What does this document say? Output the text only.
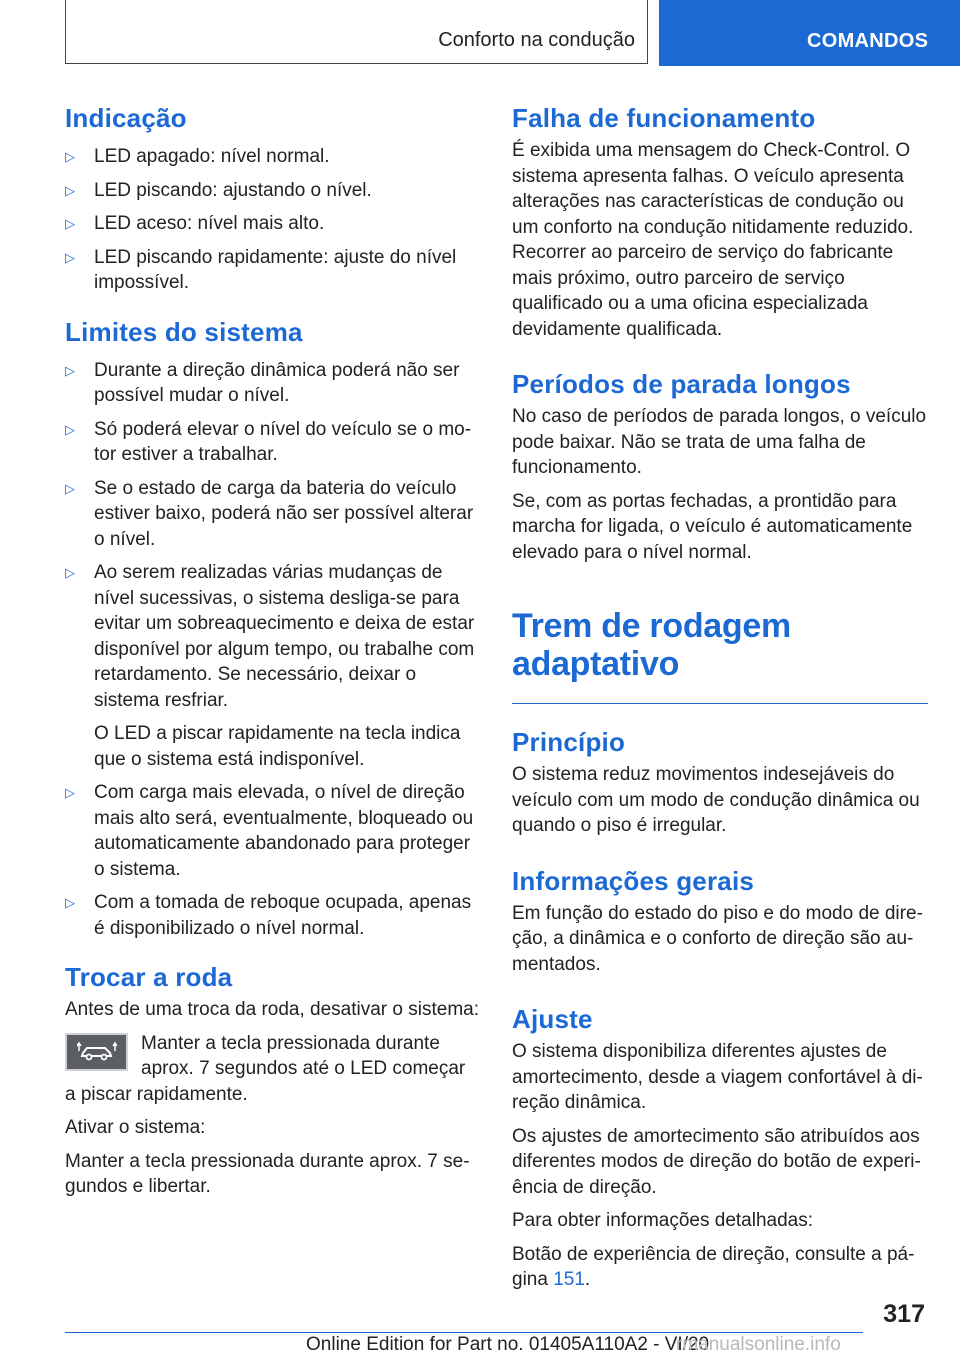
Conforto na condução	COMANDOS
Indicação
▷ LED apagado: nível normal.
▷ LED piscando: ajustando o nível.
▷ LED aceso: nível mais alto.
▷ LED piscando rapidamente: ajuste do nível impossível.
Limites do sistema
▷ Durante a direção dinâmica poderá não ser possível mudar o nível.
▷ Só poderá elevar o nível do veículo se o motor estiver a trabalhar.
▷ Se o estado de carga da bateria do veículo estiver baixo, poderá não ser possível alterar o nível.
▷ Ao serem realizadas várias mudanças de nível sucessivas, o sistema desliga-se para evitar um sobreaquecimento e deixa de estar disponível por algum tempo, ou trabalhe com retardamento. Se necessário, deixar o sistema resfriar.

O LED a piscar rapidamente na tecla indica que o sistema está indisponível.

▷ Com carga mais elevada, o nível de direção mais alto será, eventualmente, bloqueado ou automaticamente abandonado para proteger o sistema.
▷ Com a tomada de reboque ocupada, apenas é disponibilizado o nível normal.
Trocar a roda

Antes de uma troca da roda, desativar o sistema:

Manter a tecla pressionada durante aprox. 7 segundos até o LED começar a piscar rapidamente.

Ativar o sistema:

Manter a tecla pressionada durante aprox. 7 segundos e libertar.

Falha de funcionamento

É exibida uma mensagem do Check-Control. O sistema apresenta falhas. O veículo apresenta alterações nas características de condução ou um conforto na condução nitidamente reduzido. Recorrer ao parceiro de serviço do fabricante mais próximo, outro parceiro de serviço qualificado ou a uma oficina especializada devidamente qualificada.

Períodos de parada longos

No caso de períodos de parada longos, o veículo pode baixar. Não se trata de uma falha de funcionamento.

Se, com as portas fechadas, a prontidão para marcha for ligada, o veículo é automaticamente elevado para o nível normal.

Trem de rodagem
adaptativo
Princípio

O sistema reduz movimentos indesejáveis do veículo com um modo de condução dinâmica ou quando o piso é irregular.

Informações gerais

Em função do estado do piso e do modo de direção, a dinâmica e o conforto de direção são aumentados.

Ajuste

O sistema disponibiliza diferentes ajustes de amortecimento, desde a viagem confortável à direção dinâmica.

Os ajustes de amortecimento são atribuídos aos diferentes modos de direção do botão de experiência de direção.

Para obter informações detalhadas:

Botão de experiência de direção, consulte a página 151.

317
Online Edition for Part no. 01405A110A2 - VI/20
rmanualsonline.info
